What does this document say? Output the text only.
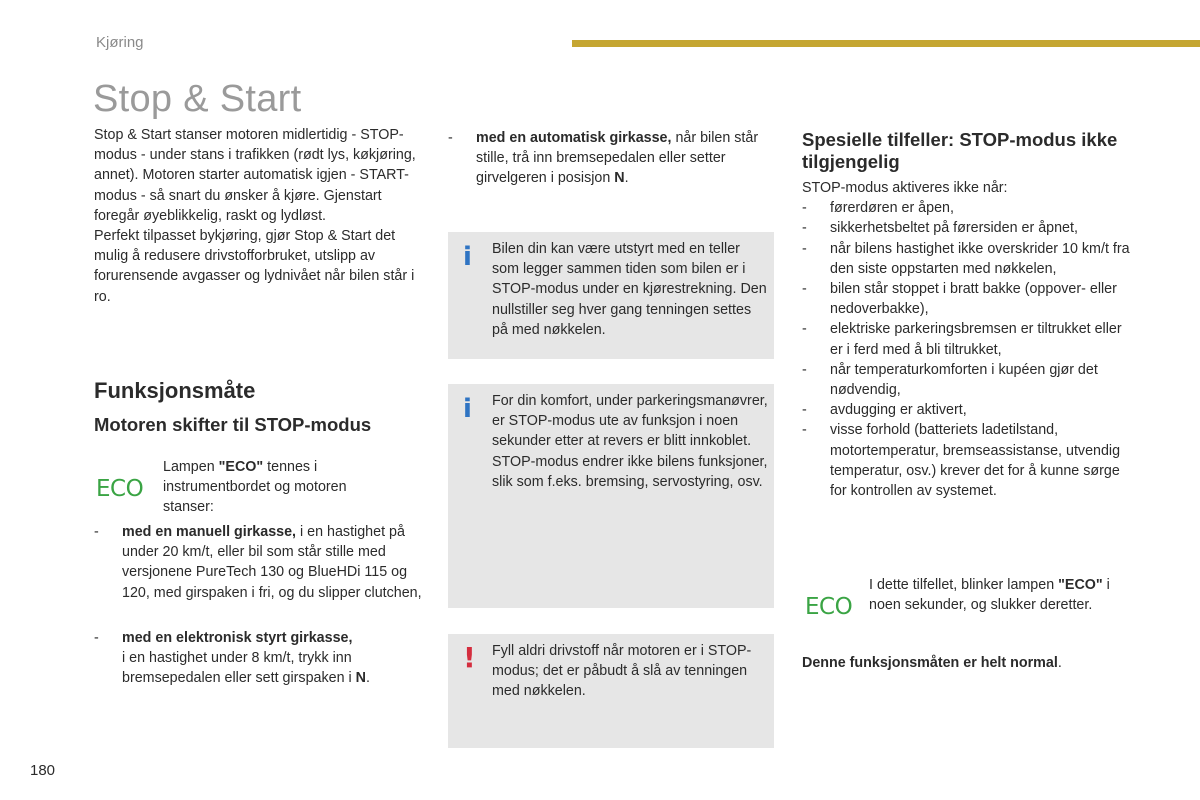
Kjøring
Stop & Start

Stop & Start stanser motoren midlertidig - STOP-modus - under stans i trafikken (rødt lys, køkjøring, annet). Motoren starter automatisk igjen - START-modus - så snart du ønsker å kjøre. Gjenstart foregår øyeblikkelig, raskt og lydløst.

Perfekt tilpasset bykjøring, gjør Stop & Start det mulig å redusere drivstofforbruket, utslipp av forurensende avgasser og lydnivået når bilen står i ro.

Funksjonsmåte
Motoren skifter til STOP-modus
ECO
Lampen "ECO" tennes i instrumentbordet og motoren stanser:
- med en manuell girkasse, i en hastighet på under 20 km/t, eller bil som står stille med versjonene PureTech 130 og BlueHDi 115 og 120, med girspaken i fri, og du slipper clutchen,
- med en elektronisk styrt girkasse,
i en hastighet under 8 km/t, trykk inn bremsepedalen eller sett girspaken i N.
- med en automatisk girkasse, når bilen står stille, trå inn bremsepedalen eller setter girvelgeren i posisjon N.
i Bilen din kan være utstyrt med en teller som legger sammen tiden som bilen er i STOP-modus under en kjørestrekning. Den nullstiller seg hver gang tenningen settes på med nøkkelen.
i For din komfort, under parkeringsmanøvrer, er STOP-modus ute av funksjon i noen sekunder etter at revers er blitt innkoblet.

STOP-modus endrer ikke bilens funksjoner, slik som f.eks. bremsing, servostyring, osv.

! Fyll aldri drivstoff når motoren er i STOP-modus; det er påbudt å slå av tenningen med nøkkelen.
Spesielle tilfeller: STOP-modus ikke tilgjengelig

STOP-modus aktiveres ikke når:

- førerdøren er åpen,
- sikkerhetsbeltet på førersiden er åpnet,
- når bilens hastighet ikke overskrider 10 km/t fra den siste oppstarten med nøkkelen,
- bilen står stoppet i bratt bakke (oppover- eller nedoverbakke),
- elektriske parkeringsbremsen er tiltrukket eller er i ferd med å bli tiltrukket,
- når temperaturkomforten i kupéen gjør det nødvendig,
- avdugging er aktivert,
- visse forhold (batteriets ladetilstand, motortemperatur, bremseassistanse, utvendig temperatur, osv.) krever det for å kunne sørge for kontrollen av systemet.
ECO
I dette tilfellet, blinker lampen "ECO" i noen sekunder, og slukker deretter.
Denne funksjonsmåten er helt normal.
180
